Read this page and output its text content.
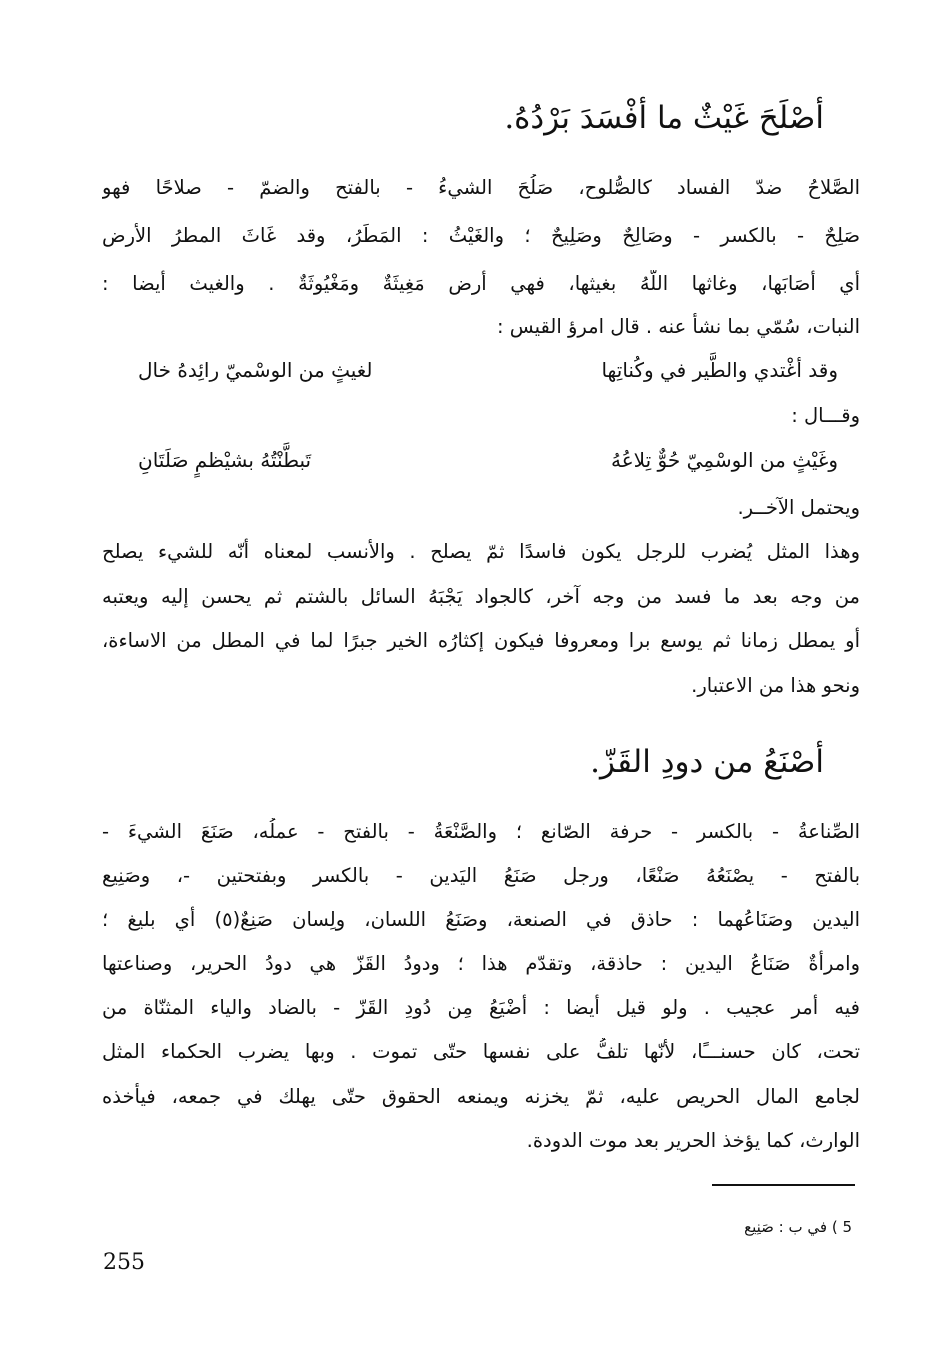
أصْلَحَ غَيْثٌ ما أفْسَدَ بَرْدُهُ.
الصَّلاحُ ضدّ الفساد كالصُّلوح، صَلُحَ الشيءُ - بالفتح والضمّ - صلاحًا فهو
صَلِحٌ - بالكسر - وصَالِحٌ وصَلِيحٌ ؛ والغَيْثُ : المَطَرُ، وقد غَاثَ المطرُ الأرض
أي أصَابَها، وغاثها اللّهُ بغيثها، فهي أرض مَغِيثَةٌ ومَغْيُوثَةٌ . والغيث أيضا :
النبات، سُمّي بما نشأ عنه . قال امرؤ القيس :
وقد أغْتدي والطَّير في وكُناتِها
لغيثٍ من الوسْميّ رائِدهُ خال
وقـــال :
وغَيْثٍ من الوسْمِيّ حُوٌّ تِلاعُهُ
تَبطَّنْتُهُ بشيْظمٍ صَلَتَانِ
ويحتمل الآخــر.
وهذا المثل يُضرب للرجل يكون فاسدًا ثمّ يصلح . والأنسب لمعناه أنّه للشيء يصلح
من وجه بعد ما فسد من وجه آخر، كالجواد يَجْبَهُ السائل بالشتم ثم يحسن إليه ويعتبه
أو يمطل زمانا ثم يوسع برا ومعروفا فيكون إكثارُه الخير جبرًا لما في المطل من الاساءة،
ونحو هذا من الاعتبار.
أصْنَعُ من دودِ القَزّ.
الصِّناعةُ - بالكسر - حرفة الصّانع ؛ والصَّنْعَةُ - بالفتح - عملُه، صَنَعَ الشيءَ -
بالفتح - يصْنَعُهُ صَنْعًا، ورجل صَنَعُ اليَدين - بالكسر وبفتحتين -، وصَنِيع
اليدين وصَنَاعُهما : حاذق في الصنعة، وصَنَعُ اللسان، ولِسان صَنِعٌ(٥) أي بليغ ؛
وامرأةٌ صَنَاعُ اليدين : حاذقة، وتقدّم هذا ؛ ودودُ القَزّ هي دودُ الحرير، وصناعتها
فيه أمر عجيب . ولو قيل أيضا : أضْيَعُ مِن دُودِ القَزّ - بالضاد والياء المثنّاة من
تحت، كان حسنـــًا، لأنّها تلفُّ على نفسها حتّى تموت . وبها يضرب الحكماء المثل
لجامع المال الحريص عليه، ثمّ يخزنه ويمنعه الحقوق حتّى يهلك في جمعه، فيأخذه
الوارث، كما يؤخذ الحرير بعد موت الدودة.
5 ) في ب : صَنِيع
255
